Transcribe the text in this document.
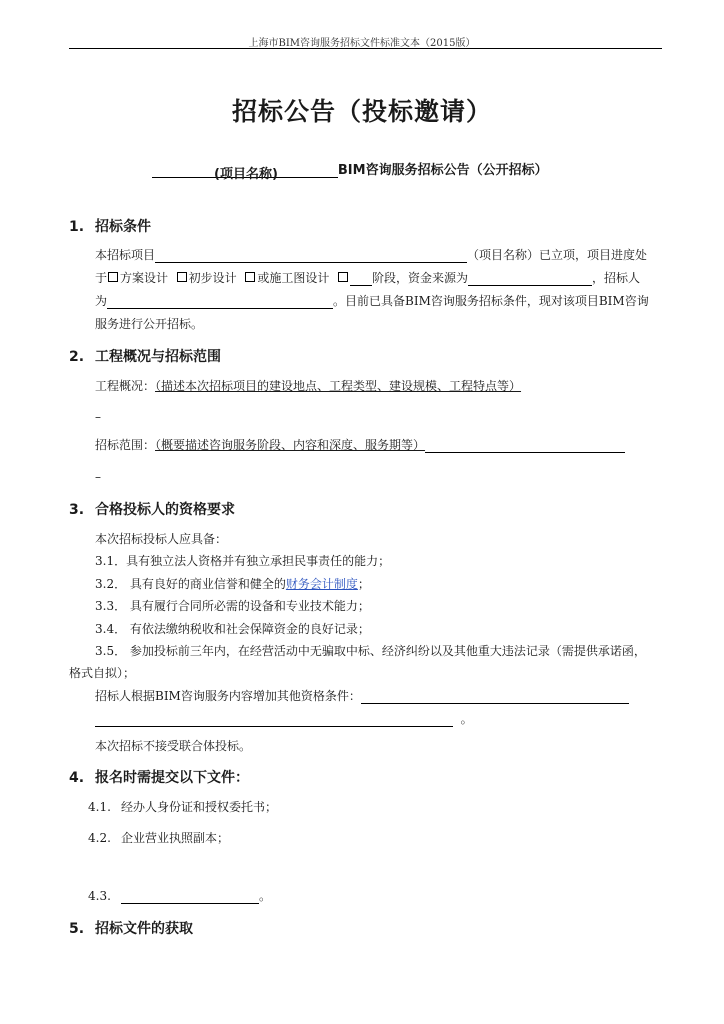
上海市BIM咨询服务招标文件标准文本（2015版）
招标公告（投标邀请）
(项目名称)	BIM咨询服务招标公告（公开招标）
1. 招标条件
本招标项目	（项目名称）已立项，项目进度处
于 方案设计 初步设计 或施工图设计	阶段，资金来源为	，招标人
为	。目前已具备BIM咨询服务招标条件，现对该项目BIM咨询
服务进行公开招标。
2. 工程概况与招标范围
工程概况：（描述本次招标项目的建设地点、工程类型、建设规模、工程特点等）
–
招标范围：（概要描述咨询服务阶段、内容和深度、服务期等）
–
3. 合格投标人的资格要求
本次招标投标人应具备：
3.1．具有独立法人资格并有独立承担民事责任的能力；
3.2． 具有良好的商业信誉和健全的财务会计制度；
3.3． 具有履行合同所必需的设备和专业技术能力；
3.4． 有依法缴纳税收和社会保障资金的良好记录；
3.5． 参加投标前三年内，在经营活动中无骗取中标、经济纠纷以及其他重大违法记录（需提供承诺函，
格式自拟）；
招标人根据BIM咨询服务内容增加其他资格条件：
。
本次招标不接受联合体投标。
4. 报名时需提交以下文件：
4.1. 经办人身份证和授权委托书；
4.2. 企业营业执照副本；
4.3.	。
5. 招标文件的获取
